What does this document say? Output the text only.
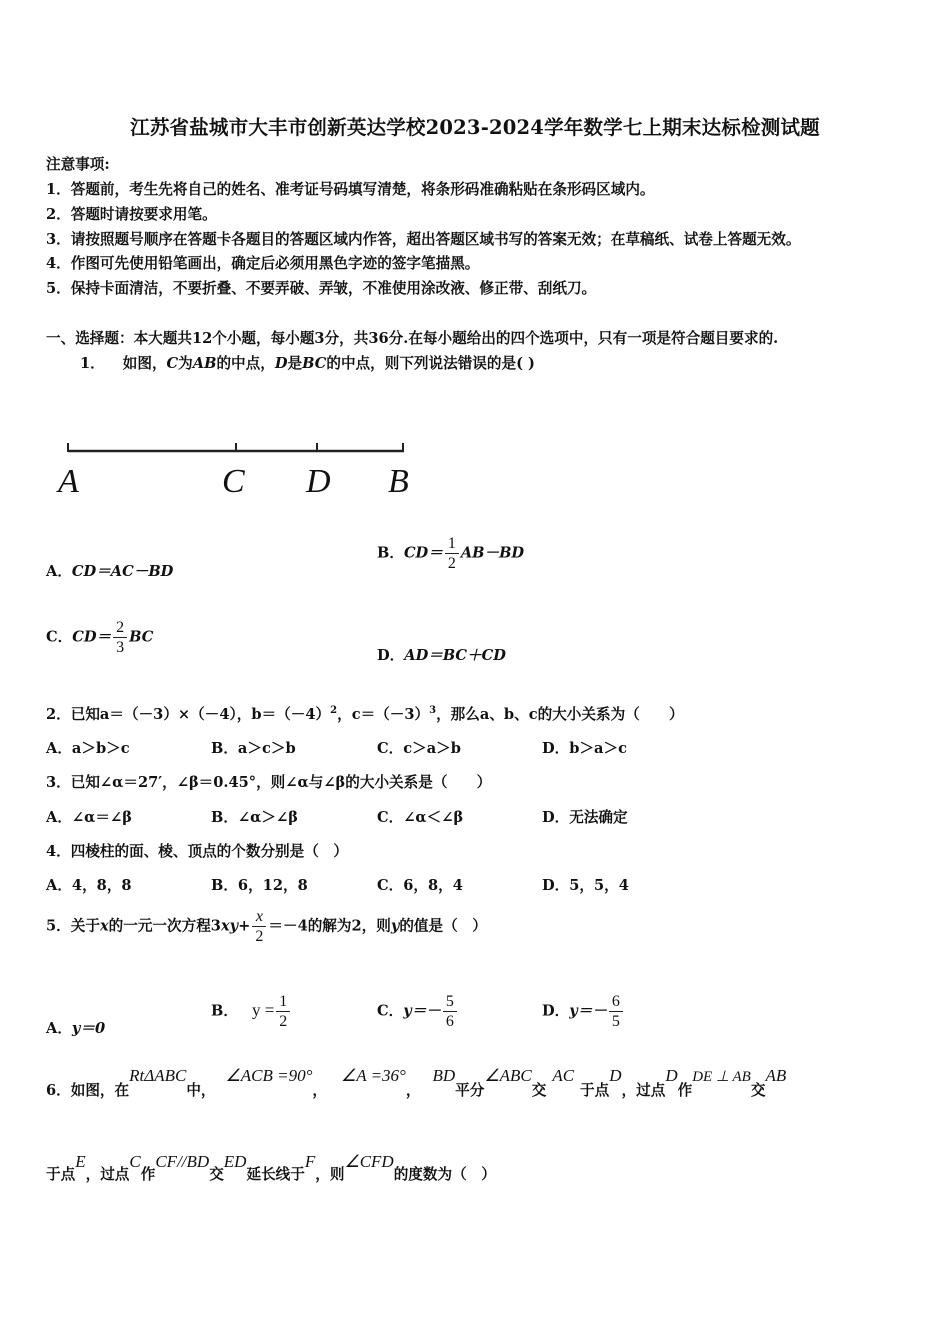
江苏省盐城市大丰市创新英达学校2023-2024学年数学七上期末达标检测试题
注意事项:
1．答题前，考生先将自己的姓名、准考证号码填写清楚，将条形码准确粘贴在条形码区域内。
2．答题时请按要求用笔。
3．请按照题号顺序在答题卡各题目的答题区域内作答，超出答题区域书写的答案无效；在草稿纸、试卷上答题无效。
4．作图可先使用铅笔画出，确定后必须用黑色字迹的签字笔描黑。
5．保持卡面清洁，不要折叠、不要弄破、弄皱，不准使用涂改液、修正带、刮纸刀。
一、选择题：本大题共12个小题，每小题3分，共36分.在每小题给出的四个选项中，只有一项是符合题目要求的.
1． 如图，C为AB的中点，D是BC的中点，则下列说法错误的是( )
A	C D B
A．CD＝AC－BD
B．$CD= \frac{1}{2} AB-BD$
C．$CD= \frac{2}{3}$ BC
D．AD＝BC＋CD
2．已知a＝（－3）×（－4），$b=(-4)^2$，$c=(-3)^3$，那么a、b、c的大小关系为（　　）
A．a＞b＞c	B．a＞c＞b	C．c＞a＞b	D．b＞a＞c
3．已知∠α＝27′，∠β＝0.45°，则∠α与∠β的大小关系是（　　）
A．∠α＝∠β	B．∠α＞∠β	C．∠α＜∠β	D．无法确定
4．四棱柱的面、棱、顶点的个数分别是（　）
A．4，8，8	B．6，12，8	C．6，8，4	D．5，5，4
5．关于x的一元一次方程$3xy+ \frac{x}{2} =-4$的解为2，则y的值是（　）
A．y＝0
B． $y = \frac{1}{2}$	C．$y=- \frac{5}{6}$	D．$y=- \frac{6}{5}$
6．如图，在RtΔABC中，∠ACB =90°，∠A =36°，BD平分∠ABC交AC于点D，过点D作DE ⊥ AB交AB
于点E，过点C作CF//BD交ED延长线于F，则∠CFD的度数为（　）
